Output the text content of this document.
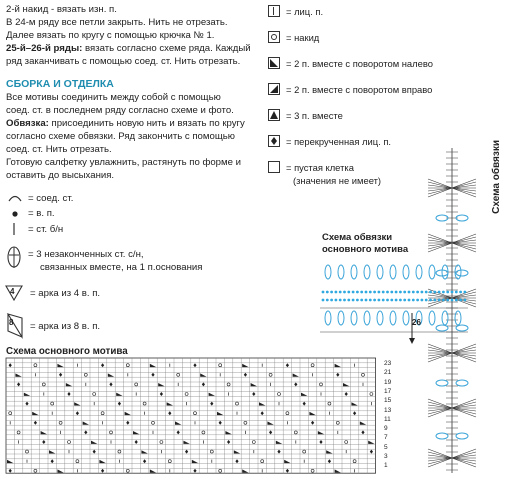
2-й накид - вязать изн. п.
В 24-м ряду все петли закрыть. Нить не отрезать.
Далее вязать по кругу с помощью крючка № 1.
25-й–26-й ряды: вязать согласно схеме ряда. Каждый
ряд заканчивать с помощью соед. ст. Нить отрезать.
СБОРКА И ОТДЕЛКА
Все мотивы соединить между собой с помощью
соед. ст. в последнем ряду согласно схеме и фото.
Обвязка: присоединить новую нить и вязать по кругу
согласно схеме обвязки. Ряд закончить с помощью
соед. ст. Нить отрезать.
Готовую салфетку увлажнить, растянуть по форме и
оставить до высыхания.
= соед. ст.
= в. п.
= ст. б/н
= 3 незаконченных ст. с/н,
связанных вместе, на 1 п.основания
4 = арка из 4 в. п.
8 = арка из 8 в. п.
= лиц. п.
= накид
= 2 п. вместе с поворотом налево
= 2 п. вместе с поворотом вправо
= 3 п. вместе
= перекрученная лиц. п.
= пустая клетка
(значения не имеет)	Схема обвязки
Схема обвязки
основного мотива
26
Схема основного мотива
23
21
19
17
15
13
11
9
7
5
3
1
